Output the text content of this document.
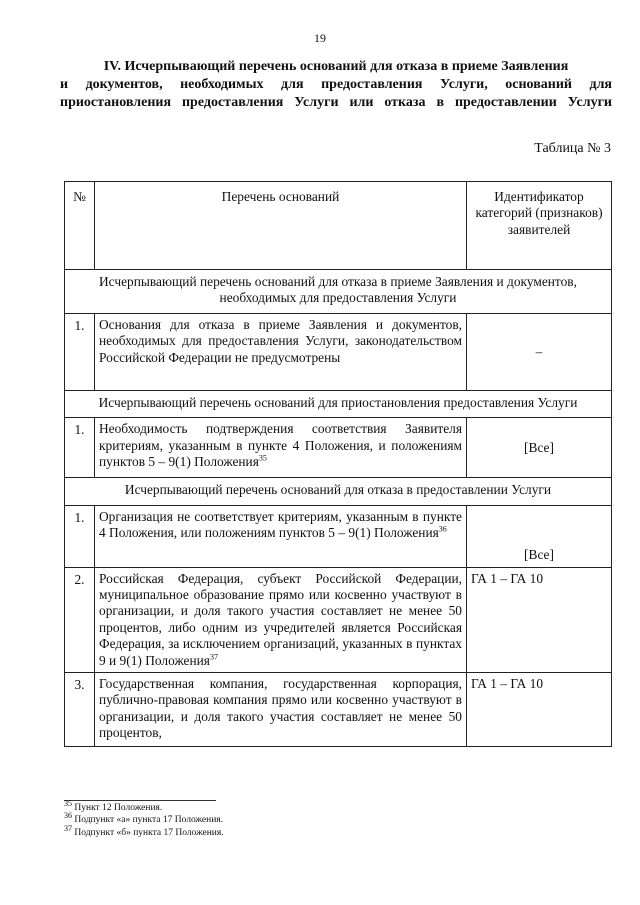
19
IV. Исчерпывающий перечень оснований для отказа в приеме Заявления
и документов, необходимых для предоставления Услуги, оснований для
приостановления предоставления Услуги или отказа в предоставлении Услуги
Таблица № 3
№	Перечень оснований	Идентификатор категорий (признаков) заявителей
Исчерпывающий перечень оснований для отказа в приеме Заявления и документов, необходимых для предоставления Услуги		
1.	Основания для отказа в приеме Заявления и документов, необходимых для предоставления Услуги, законодательством Российской Федерации не предусмотрены	–
Исчерпывающий перечень оснований для приостановления предоставления Услуги		
1.	Необходимость подтверждения соответствия Заявителя критериям, указанным в пункте 4 Положения, и положениям пунктов 5 – 9(1) Положения$^{35}$	[Все]
Исчерпывающий перечень оснований для отказа в предоставлении Услуги		
1.	Организация не соответствует критериям, указанным в пункте 4 Положения, или положениям пунктов 5 – 9(1) Положения$^{36}$	[Все]
2.	Российская Федерация, субъект Российской Федерации, муниципальное образование прямо или косвенно участвуют в организации, и доля такого участия составляет не менее 50 процентов, либо одним из учредителей является Российская Федерация, за исключением организаций, указанных в пунктах 9 и 9(1) Положения$^{37}$	ГА 1 – ГА 10
3.	Государственная компания, государственная корпорация, публично-правовая компания прямо или косвенно участвуют в организации, и доля такого участия составляет не менее 50 процентов,	ГА 1 – ГА 10
$^{35}$ Пункт 12 Положения.
$^{36}$ Подпункт «а» пункта 17 Положения.
$^{37}$ Подпункт «б» пункта 17 Положения.
